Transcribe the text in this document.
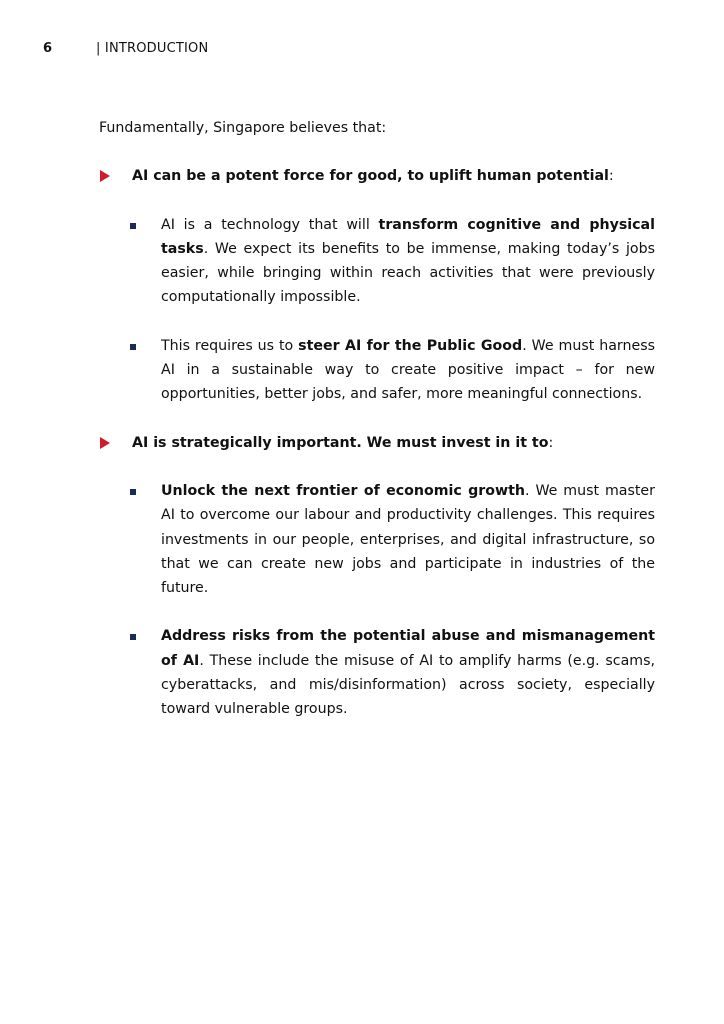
6	| INTRODUCTION

Fundamentally, Singapore believes that:

AI can be a potent force for good, to uplift human potential:

AI is a technology that will transform cognitive and physical tasks. We expect its benefits to be immense, making today’s jobs easier, while bringing within reach activities that were previously computationally impossible.
This requires us to steer AI for the Public Good. We must harness AI in a sustainable way to create positive impact – for new opportunities, better jobs, and safer, more meaningful connections.

AI is strategically important. We must invest in it to:

Unlock the next frontier of economic growth. We must master AI to overcome our labour and productivity challenges. This requires investments in our people, enterprises, and digital infrastructure, so that we can create new jobs and participate in industries of the future.
Address risks from the potential abuse and mismanagement of AI. These include the misuse of AI to amplify harms (e.g. scams, cyberattacks, and mis/disinformation) across society, especially toward vulnerable groups.
